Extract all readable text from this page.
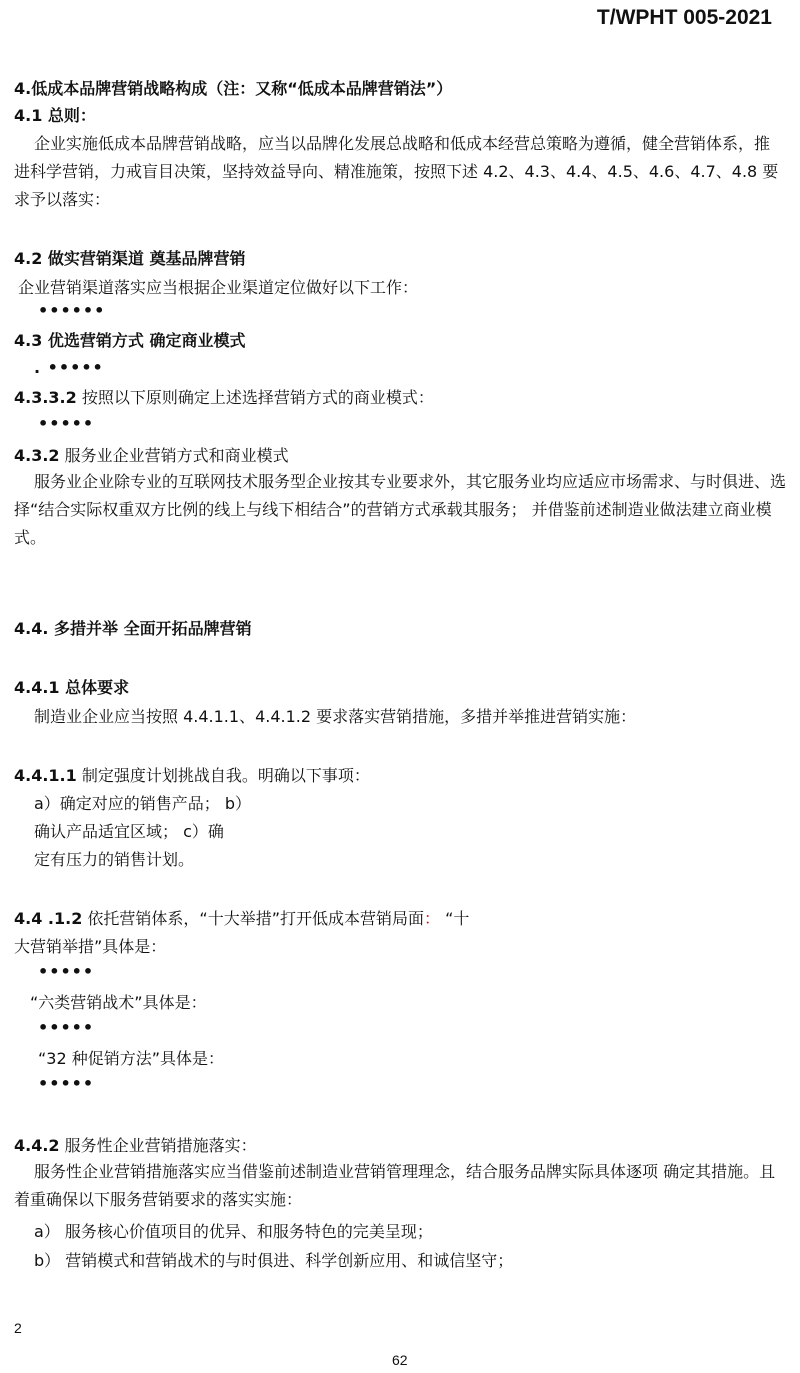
T/WPHT 005-2021
4.低成本品牌营销战略构成（注：又称“低成本品牌营销法”）
4.1 总则：
企业实施低成本品牌营销战略，应当以品牌化发展总战略和低成本经营总策略为遵循，健全营销体系，推进科学营销，力戒盲目决策，坚持效益导向、精准施策，按照下述 4.2、4.3、4.4、4.5、4.6、4.7、4.8 要求予以落实：
4.2 做实营销渠道 奠基品牌营销
企业营销渠道落实应当根据企业渠道定位做好以下工作：
••••••
4.3 优选营销方式 确定商业模式
. •••••
4.3.3.2 按照以下原则确定上述选择营销方式的商业模式：
•••••
4.3.2 服务业企业营销方式和商业模式
服务业企业除专业的互联网技术服务型企业按其专业要求外，其它服务业均应适应市场需求、与时俱进、选择“结合实际权重双方比例的线上与线下相结合”的营销方式承载其服务； 并借鉴前述制造业做法建立商业模式。
4.4. 多措并举 全面开拓品牌营销
4.4.1 总体要求
制造业企业应当按照 4.4.1.1、4.4.1.2 要求落实营销措施，多措并举推进营销实施：
4.4.1.1 制定强度计划挑战自我。明确以下事项：
a）确定对应的销售产品； b）
确认产品适宜区域； c）确
定有压力的销售计划。
4.4 .1.2 依托营销体系，“十大举措”打开低成本营销局面： “十
大营销举措”具体是：
•••••
“六类营销战术”具体是：
•••••
“32 种促销方法”具体是：
•••••
4.4.2 服务性企业营销措施落实：
服务性企业营销措施落实应当借鉴前述制造业营销管理理念，结合服务品牌实际具体逐项 确定其措施。且着重确保以下服务营销要求的落实实施：
a） 服务核心价值项目的优异、和服务特色的完美呈现；
b） 营销模式和营销战术的与时俱进、科学创新应用、和诚信坚守；
2
62
